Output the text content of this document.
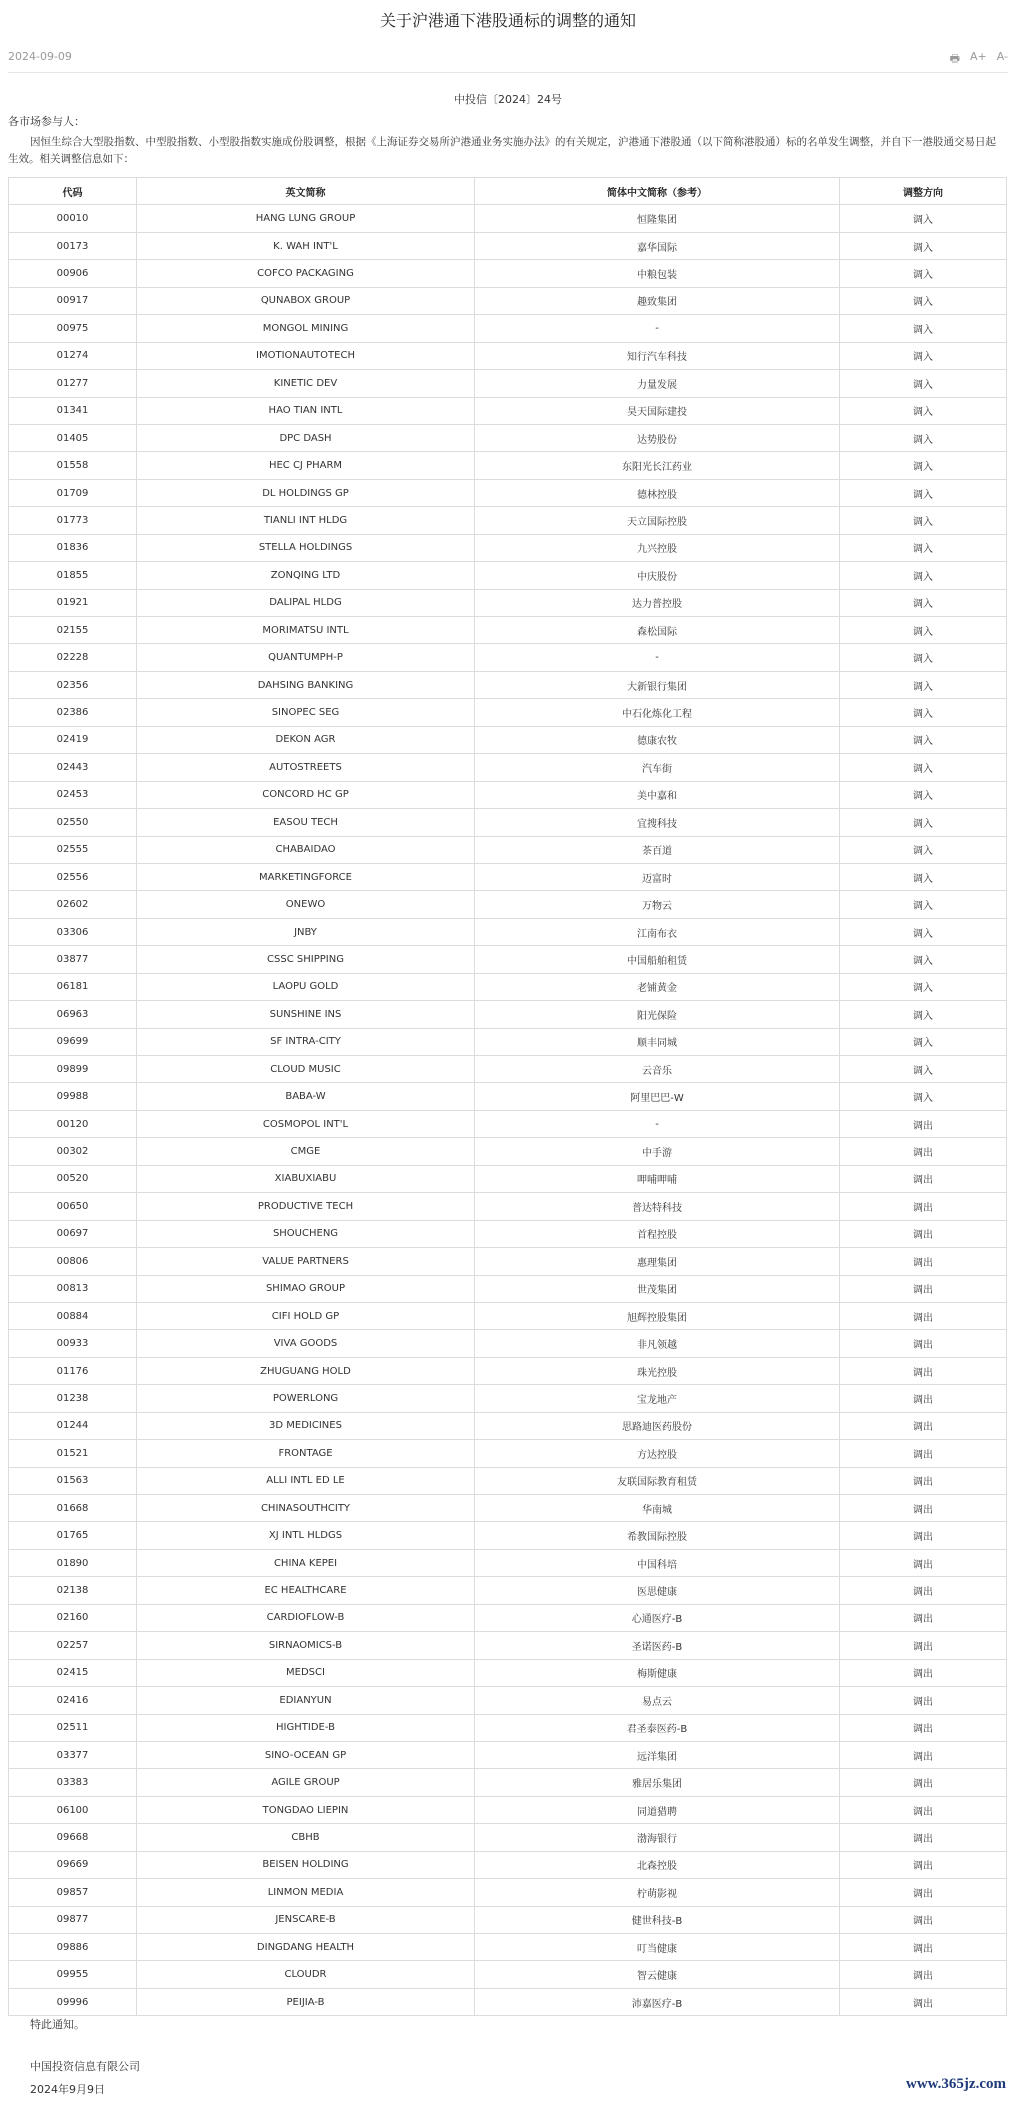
关于沪港通下港股通标的调整的通知
2024-09-09	🖶 A+ A-
中投信〔2024〕24号
各市场参与人：
因恒生综合大型股指数、中型股指数、小型股指数实施成份股调整，根据《上海证券交易所沪港通业务实施办法》的有关规定，沪港通下港股通（以下简称港股通）标的名单发生调整，并自下一港股通交易日起生效。相关调整信息如下：
代码	英文简称	简体中文简称（参考）	调整方向
00010	HANG LUNG GROUP	恒隆集团	调入
00173	K. WAH INT'L	嘉华国际	调入
00906	COFCO PACKAGING	中粮包装	调入
00917	QUNABOX GROUP	趣致集团	调入
00975	MONGOL MINING	-	调入
01274	IMOTIONAUTOTECH	知行汽车科技	调入
01277	KINETIC DEV	力量发展	调入
01341	HAO TIAN INTL	昊天国际建投	调入
01405	DPC DASH	达势股份	调入
01558	HEC CJ PHARM	东阳光长江药业	调入
01709	DL HOLDINGS GP	德林控股	调入
01773	TIANLI INT HLDG	天立国际控股	调入
01836	STELLA HOLDINGS	九兴控股	调入
01855	ZONQING LTD	中庆股份	调入
01921	DALIPAL HLDG	达力普控股	调入
02155	MORIMATSU INTL	森松国际	调入
02228	QUANTUMPH-P	-	调入
02356	DAHSING BANKING	大新银行集团	调入
02386	SINOPEC SEG	中石化炼化工程	调入
02419	DEKON AGR	德康农牧	调入
02443	AUTOSTREETS	汽车街	调入
02453	CONCORD HC GP	美中嘉和	调入
02550	EASOU TECH	宜搜科技	调入
02555	CHABAIDAO	茶百道	调入
02556	MARKETINGFORCE	迈富时	调入
02602	ONEWO	万物云	调入
03306	JNBY	江南布衣	调入
03877	CSSC SHIPPING	中国船舶租赁	调入
06181	LAOPU GOLD	老铺黄金	调入
06963	SUNSHINE INS	阳光保险	调入
09699	SF INTRA-CITY	顺丰同城	调入
09899	CLOUD MUSIC	云音乐	调入
09988	BABA-W	阿里巴巴-W	调入
00120	COSMOPOL INT'L	-	调出
00302	CMGE	中手游	调出
00520	XIABUXIABU	呷哺呷哺	调出
00650	PRODUCTIVE TECH	普达特科技	调出
00697	SHOUCHENG	首程控股	调出
00806	VALUE PARTNERS	惠理集团	调出
00813	SHIMAO GROUP	世茂集团	调出
00884	CIFI HOLD GP	旭辉控股集团	调出
00933	VIVA GOODS	非凡领越	调出
01176	ZHUGUANG HOLD	珠光控股	调出
01238	POWERLONG	宝龙地产	调出
01244	3D MEDICINES	思路迪医药股份	调出
01521	FRONTAGE	方达控股	调出
01563	ALLI INTL ED LE	友联国际教育租赁	调出
01668	CHINASOUTHCITY	华南城	调出
01765	XJ INTL HLDGS	希教国际控股	调出
01890	CHINA KEPEI	中国科培	调出
02138	EC HEALTHCARE	医思健康	调出
02160	CARDIOFLOW-B	心通医疗-B	调出
02257	SIRNAOMICS-B	圣诺医药-B	调出
02415	MEDSCI	梅斯健康	调出
02416	EDIANYUN	易点云	调出
02511	HIGHTIDE-B	君圣泰医药-B	调出
03377	SINO-OCEAN GP	远洋集团	调出
03383	AGILE GROUP	雅居乐集团	调出
06100	TONGDAO LIEPIN	同道猎聘	调出
09668	CBHB	渤海银行	调出
09669	BEISEN HOLDING	北森控股	调出
09857	LINMON MEDIA	柠萌影视	调出
09877	JENSCARE-B	健世科技-B	调出
09886	DINGDANG HEALTH	叮当健康	调出
09955	CLOUDR	智云健康	调出
09996	PEIJIA-B	沛嘉医疗-B	调出
特此通知。
中国投资信息有限公司
2024年9月9日	www.365jz.com
